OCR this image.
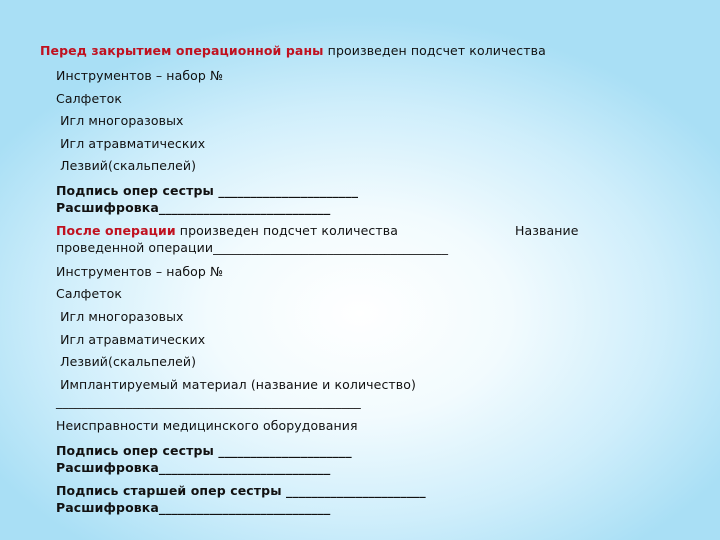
Перед закрытием операционной раны произведен подсчет количества
Инструментов – набор №
Салфеток
Игл многоразовых
Игл атравматических
Лезвий(скальпелей)
Подпись опер сестры ______________________
Расшифровка___________________________
После операции произведен подсчет количества	Название
проведенной операции_____________________________________
Инструментов – набор №
Салфеток
Игл многоразовых
Игл атравматических
Лезвий(скальпелей)
Имплантируемый материал (название и количество)
________________________________________________
Неисправности медицинского оборудования
Подпись опер сестры _____________________
Расшифровка___________________________
Подпись старшей опер сестры ______________________
Расшифровка___________________________
